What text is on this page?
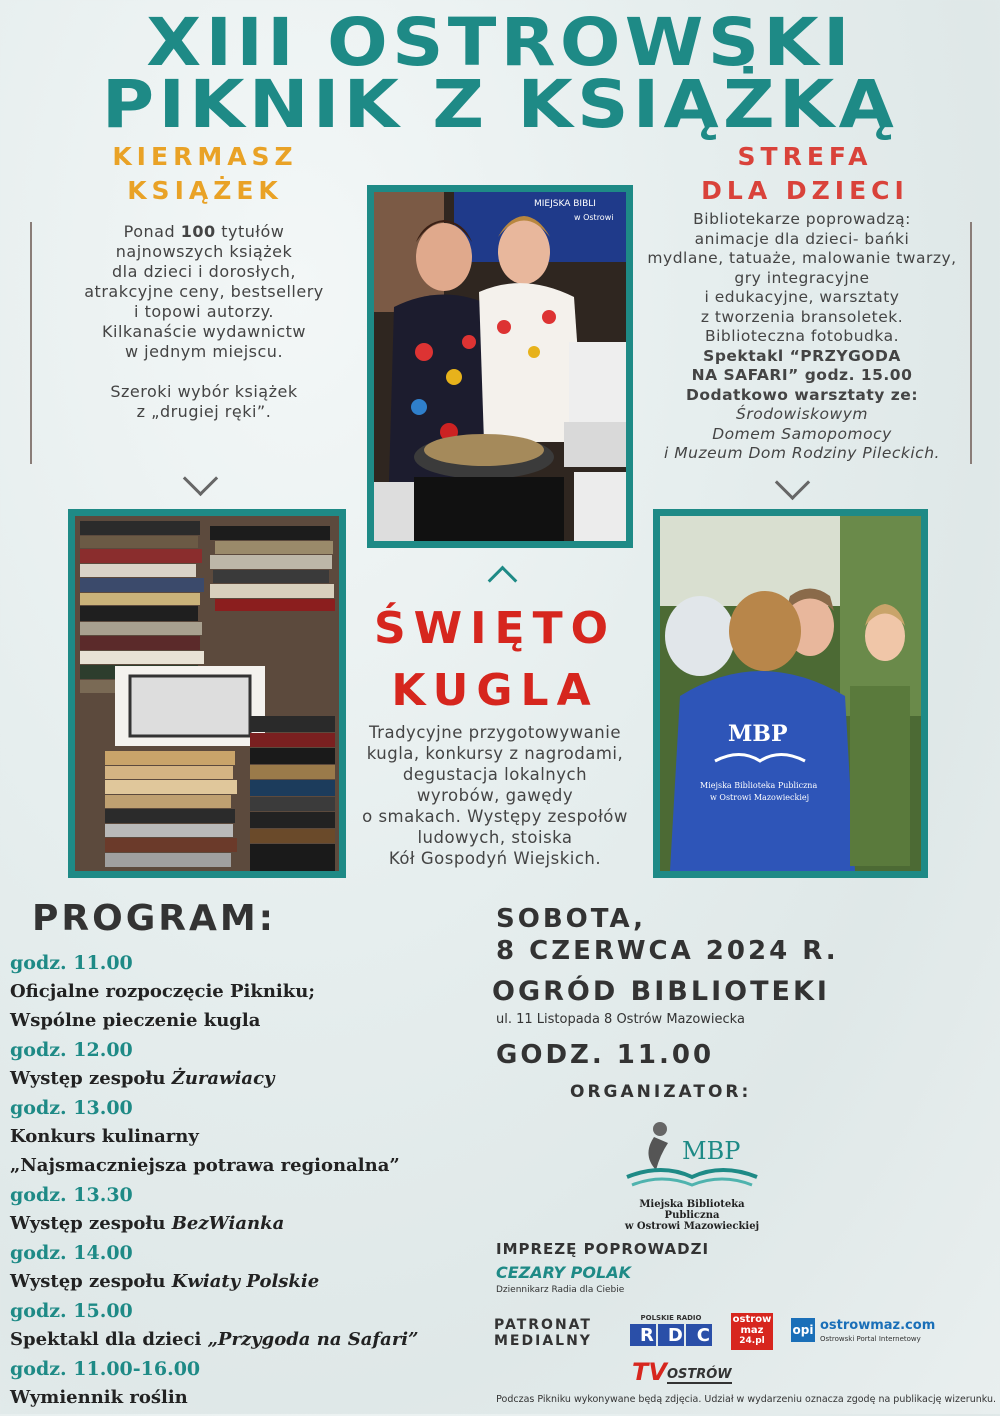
XIII OSTROWSKI
PIKNIK Z KSIĄŻKĄ
KIERMASZ
KSIĄŻEK
Ponad 100 tytułów
najnowszych książek
dla dzieci i dorosłych,
atrakcyjne ceny, bestsellery
i topowi autorzy.
Kilkanaście wydawnictw
w jednym miejscu.
Szeroki wybór książek
z „drugiej ręki”.
STREFA
DLA DZIECI
Bibliotekarze poprowadzą:
animacje dla dzieci- bańki
mydlane, tatuaże, malowanie twarzy,
gry integracyjne
i edukacyjne, warsztaty
z tworzenia bransoletek.
Biblioteczna fotobudka.
Spektakl “PRZYGODA
NA SAFARI” godz. 15.00
Dodatkowo warsztaty ze:
Środowiskowym
Domem Samopomocy
i Muzeum Dom Rodziny Pileckich.
MIEJSKA BIBLI
w Ostrowi
MBP
Miejska Biblioteka Publiczna
w Ostrowi Mazowieckiej
ŚWIĘTO
KUGLA
Tradycyjne przygotowywanie
kugla, konkursy z nagrodami,
degustacja lokalnych
wyrobów, gawędy
o smakach. Występy zespołów
ludowych, stoiska
Kół Gospodyń Wiejskich.
PROGRAM:
godz. 11.00
Oficjalne rozpoczęcie Pikniku;
Wspólne pieczenie kugla
godz. 12.00
Występ zespołu Żurawiacy
godz. 13.00
Konkurs kulinarny
„Najsmaczniejsza potrawa regionalna”
godz. 13.30
Występ zespołu BezWianka
godz. 14.00
Występ zespołu Kwiaty Polskie
godz. 15.00
Spektakl dla dzieci „Przygoda na Safari”
godz. 11.00-16.00
Wymiennik roślin
SOBOTA,
8 CZERWCA 2024 R.
OGRÓD BIBLIOTEKI
ul. 11 Listopada 8 Ostrów Mazowiecka
GODZ. 11.00
ORGANIZATOR:
MBP
Miejska Biblioteka Publiczna
w Ostrowi Mazowieckiej
IMPREZĘ POPROWADZI
CEZARY POLAK
Dziennikarz Radia dla Ciebie
PATRONAT
MEDIALNY
POLSKIE RADIO
RDC
ostrow
maz
24.pl
opi ostrowmaz.com
Ostrowski Portal Internetowy
TV OSTRÓW
Podczas Pikniku wykonywane będą zdjęcia. Udział w wydarzeniu oznacza zgodę na publikację wizerunku.
